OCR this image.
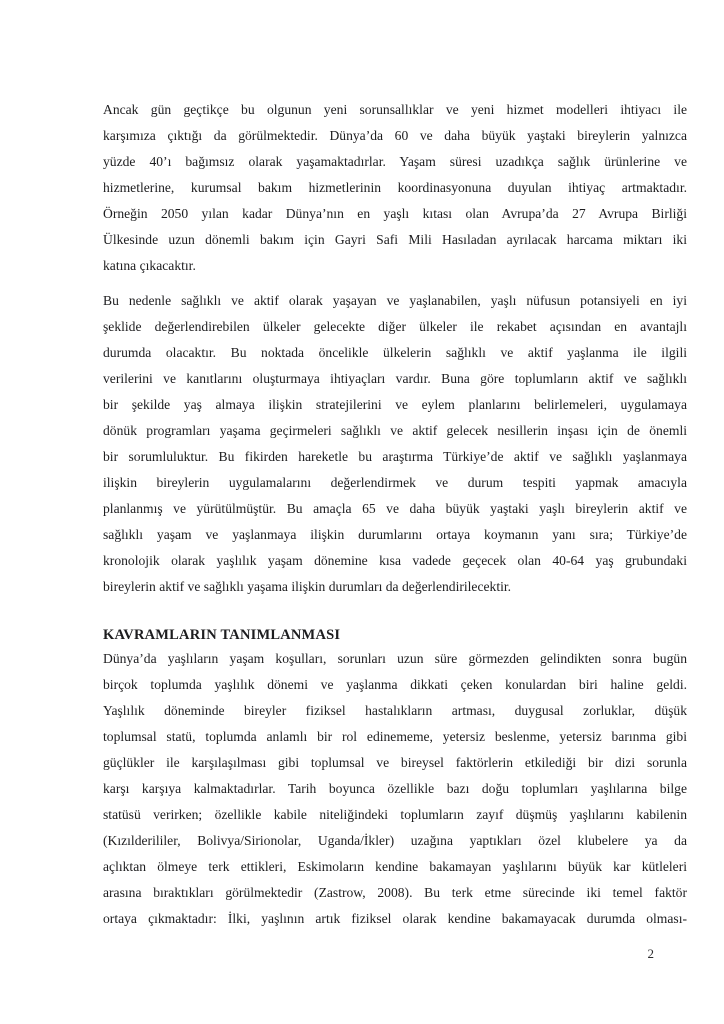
Ancak gün geçtikçe bu olgunun yeni sorunsallıklar ve yeni hizmet modelleri ihtiyacı ile
karşımıza çıktığı da görülmektedir. Dünya’da 60 ve daha büyük yaştaki bireylerin yalnızca
yüzde 40’ı bağımsız olarak yaşamaktadırlar. Yaşam süresi uzadıkça sağlık ürünlerine ve
hizmetlerine, kurumsal bakım hizmetlerinin koordinasyonuna duyulan ihtiyaç artmaktadır.
Örneğin 2050 yılan kadar Dünya’nın en yaşlı kıtası olan Avrupa’da 27 Avrupa Birliği
Ülkesinde uzun dönemli bakım için Gayri Safi Mili Hasıladan ayrılacak harcama miktarı iki
katına çıkacaktır.
Bu nedenle sağlıklı ve aktif olarak yaşayan ve yaşlanabilen, yaşlı nüfusun potansiyeli en iyi
şeklide değerlendirebilen ülkeler gelecekte diğer ülkeler ile rekabet açısından en avantajlı
durumda olacaktır. Bu noktada öncelikle ülkelerin sağlıklı ve aktif yaşlanma ile ilgili
verilerini ve kanıtlarını oluşturmaya ihtiyaçları vardır. Buna göre toplumların aktif ve sağlıklı
bir şekilde yaş almaya ilişkin stratejilerini ve eylem planlarını belirlemeleri, uygulamaya
dönük programları yaşama geçirmeleri sağlıklı ve aktif gelecek nesillerin inşası için de önemli
bir sorumluluktur. Bu fikirden hareketle bu araştırma Türkiye’de aktif ve sağlıklı yaşlanmaya
ilişkin bireylerin uygulamalarını değerlendirmek ve durum tespiti yapmak amacıyla
planlanmış ve yürütülmüştür. Bu amaçla 65 ve daha büyük yaştaki yaşlı bireylerin aktif ve
sağlıklı yaşam ve yaşlanmaya ilişkin durumlarını ortaya koymanın yanı sıra; Türkiye’de
kronolojik olarak yaşlılık yaşam dönemine kısa vadede geçecek olan 40-64 yaş grubundaki
bireylerin aktif ve sağlıklı yaşama ilişkin durumları da değerlendirilecektir.
KAVRAMLARIN TANIMLANMASI
Dünya’da yaşlıların yaşam koşulları, sorunları uzun süre görmezden gelindikten sonra bugün
birçok toplumda yaşlılık dönemi ve yaşlanma dikkati çeken konulardan biri haline geldi.
Yaşlılık döneminde bireyler fiziksel hastalıkların artması, duygusal zorluklar, düşük
toplumsal statü, toplumda anlamlı bir rol edinememe, yetersiz beslenme, yetersiz barınma gibi
güçlükler ile karşılaşılması gibi toplumsal ve bireysel faktörlerin etkilediği bir dizi sorunla
karşı karşıya kalmaktadırlar. Tarih boyunca özellikle bazı doğu toplumları yaşlılarına bilge
statüsü verirken; özellikle kabile niteliğindeki toplumların zayıf düşmüş yaşlılarını kabilenin
(Kızılderililer, Bolivya/Sirionolar, Uganda/İkler) uzağına yaptıkları özel klubelere ya da
açlıktan ölmeye terk ettikleri, Eskimoların kendine bakamayan yaşlılarını büyük kar kütleleri
arasına bıraktıkları görülmektedir (Zastrow, 2008). Bu terk etme sürecinde iki temel faktör
ortaya çıkmaktadır: İlki, yaşlının artık fiziksel olarak kendine bakamayacak durumda olması-
2
